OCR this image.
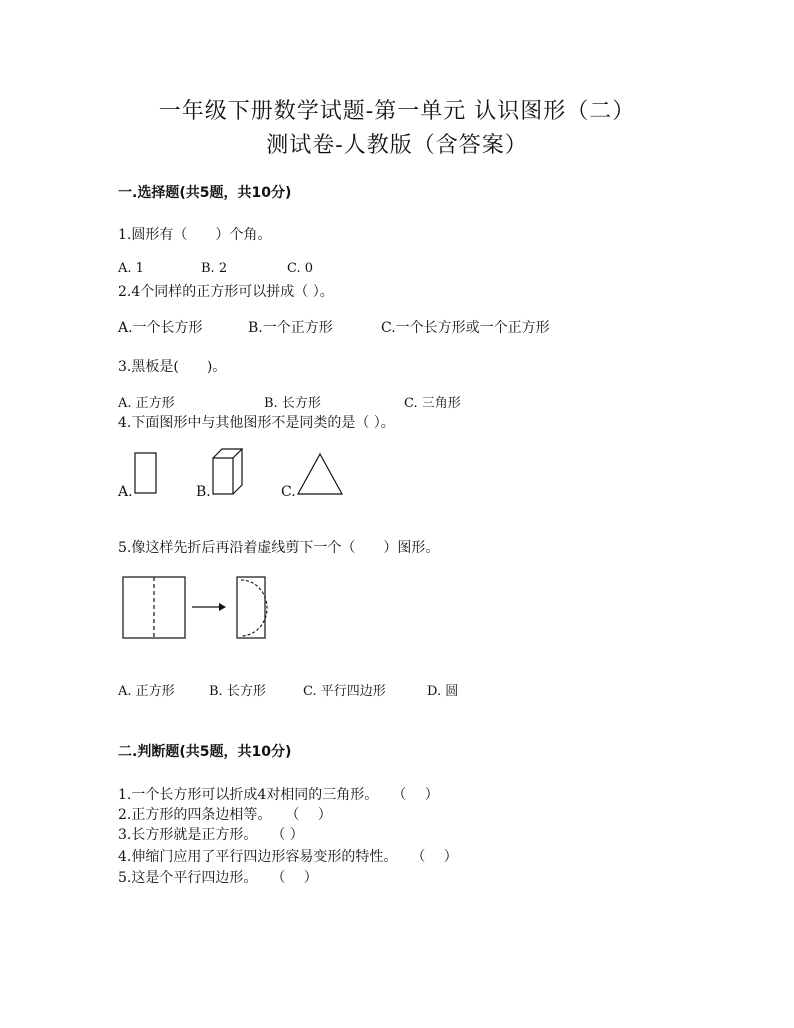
一年级下册数学试题-第一单元 认识图形（二）
测试卷-人教版（含答案）
一.选择题(共5题，共10分)
1.圆形有（　　）个角。
A. 1	B. 2	C. 0
2.4个同样的正方形可以拼成（ ）。
A.一个长方形	B.一个正方形	C.一个长方形或一个正方形
3.黑板是(　　)。
A. 正方形	B. 长方形	C. 三角形
4.下面图形中与其他图形不是同类的是（ ）。
A.	B.	C.
5.像这样先折后再沿着虚线剪下一个（　　）图形。
A. 正方形	B. 长方形	C. 平行四边形	D. 圆
二.判断题(共5题，共10分)
1.一个长方形可以折成4对相同的三角形。　　（　 ）
2.正方形的四条边相等。　　（　 ）
3.长方形就是正方形。　　（ ）
4.伸缩门应用了平行四边形容易变形的特性。　　（　 ）
5.这是个平行四边形。　　（　 ）
